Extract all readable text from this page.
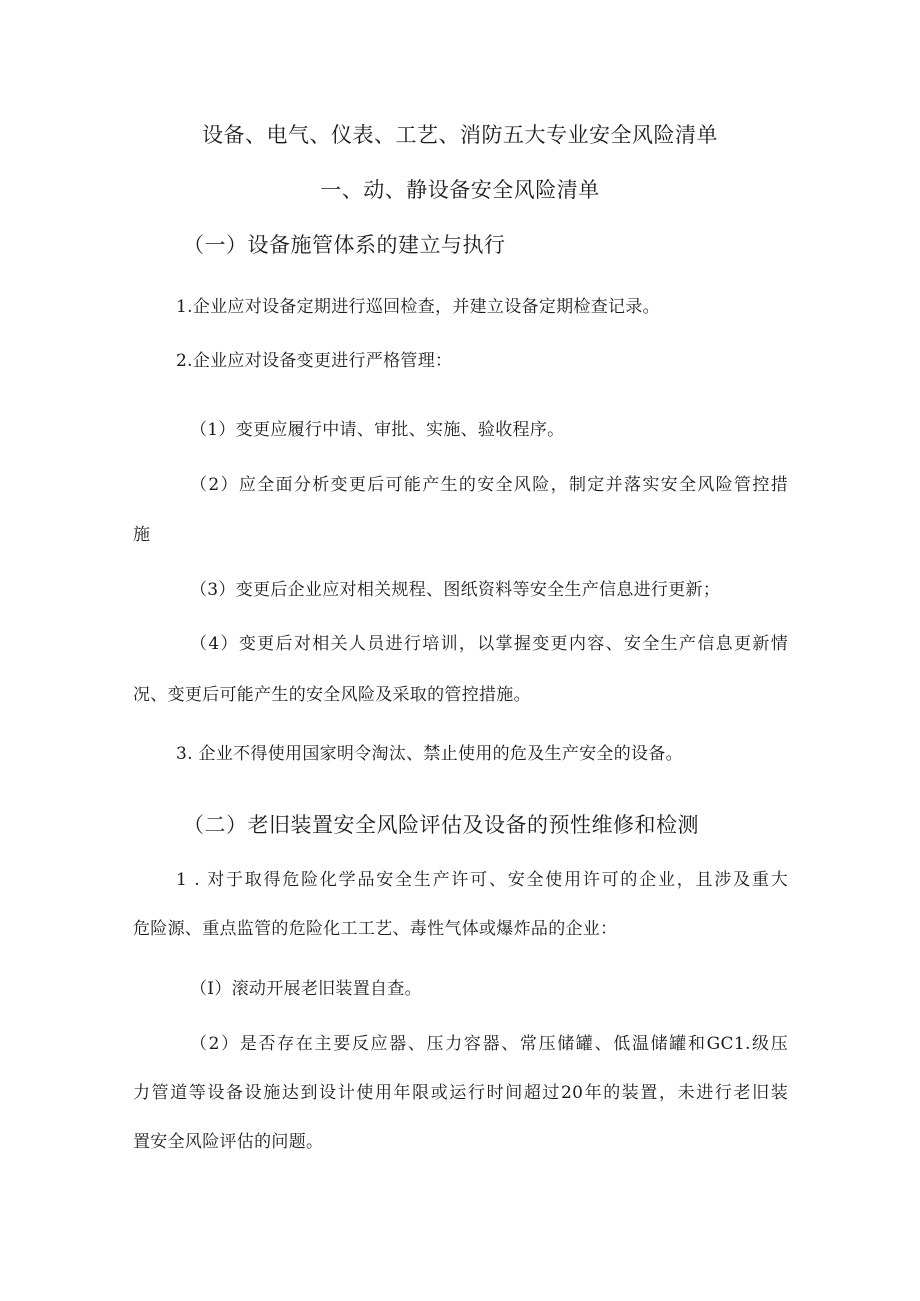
设备、电气、仪表、工艺、消防五大专业安全风险清单
一、动、静设备安全风险清单
（一）设备施管体系的建立与执行
1.企业应对设备定期进行巡回检查，并建立设备定期检查记录。
2.企业应对设备变更进行严格管理：
（1）变更应履行中请、审批、实施、验收程序。
（2）应全面分析变更后可能产生的安全风险，制定并落实安全风险管控措
施
（3）变更后企业应对相关规程、图纸资料等安全生产信息进行更新；
（4）变更后对相关人员进行培训，以掌握变更内容、安全生产信息更新情
况、变更后可能产生的安全风险及采取的管控措施。
3. 企业不得使用国家明令淘汰、禁止使用的危及生产安全的设备。
（二）老旧装置安全风险评估及设备的预性维修和检测
1 . 对于取得危险化学品安全生产许可、安全使用许可的企业，且涉及重大
危险源、重点监管的危险化工工艺、毒性气体或爆炸品的企业：
（I）滚动开展老旧装置自查。
（2）是否存在主要反应器、压力容器、常压储罐、低温储罐和GC1.级压
力管道等设备设施达到设计使用年限或运行时间超过20年的装置，未进行老旧装
置安全风险评估的问题。
